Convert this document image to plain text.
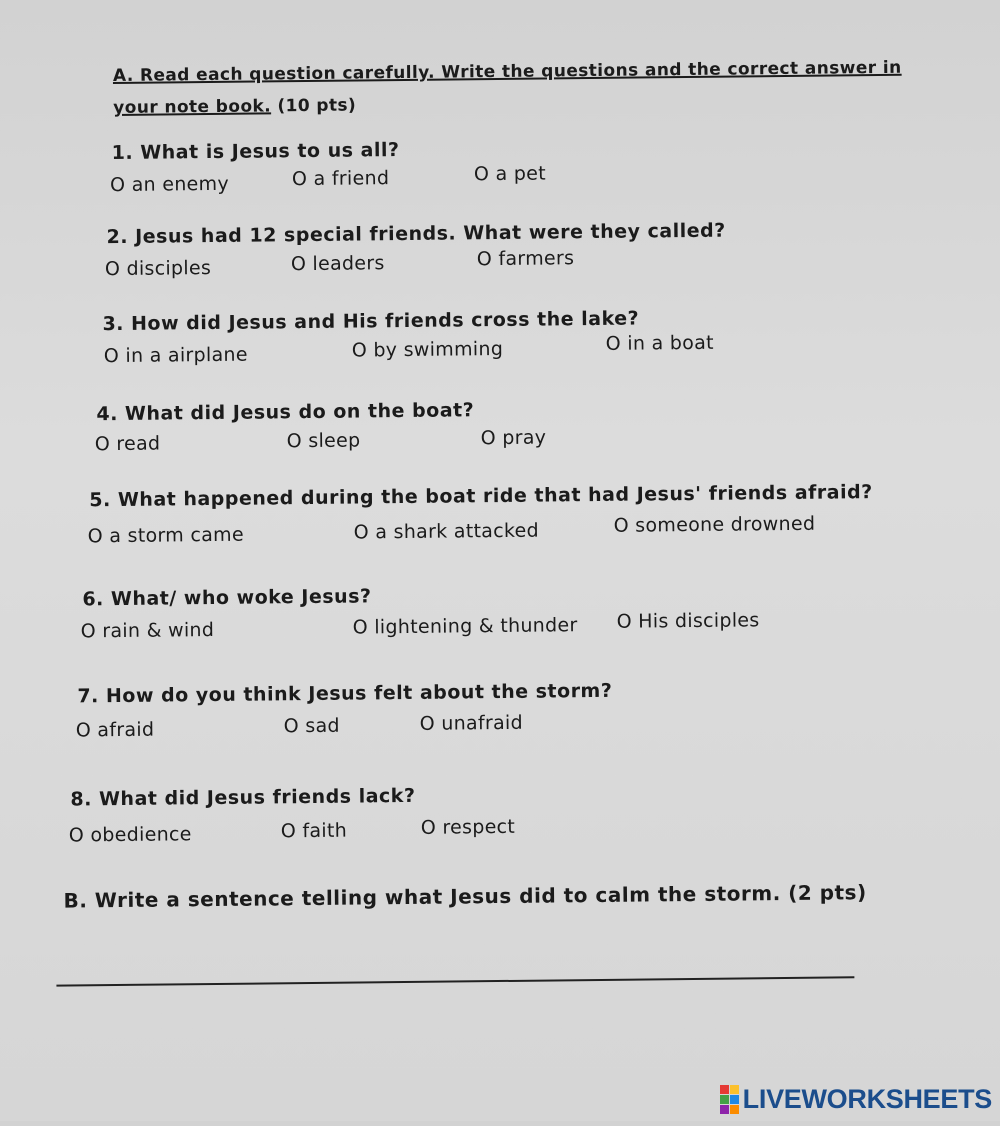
A. Read each question carefully. Write the questions and the correct answer in your note book. (10 pts)
1. What is Jesus to us all?
O an enemy	O a friend	O a pet
2. Jesus had 12 special friends. What were they called?
O disciples	O leaders	O farmers
3. How did Jesus and His friends cross the lake?
O in a airplane	O by swimming	O in a boat
4. What did Jesus do on the boat?
O read	O sleep	O pray
5. What happened during the boat ride that had Jesus' friends afraid?
O a storm came	O a shark attacked	O someone drowned
6. What/ who woke Jesus?
O rain & wind	O lightening & thunder O His disciples
7. How do you think Jesus felt about the storm?
O afraid	O sad	O unafraid
8. What did Jesus friends lack?
O obedience	O faith	O respect
B. Write a sentence telling what Jesus did to calm the storm. (2 pts)
LIVEWORKSHEETS
